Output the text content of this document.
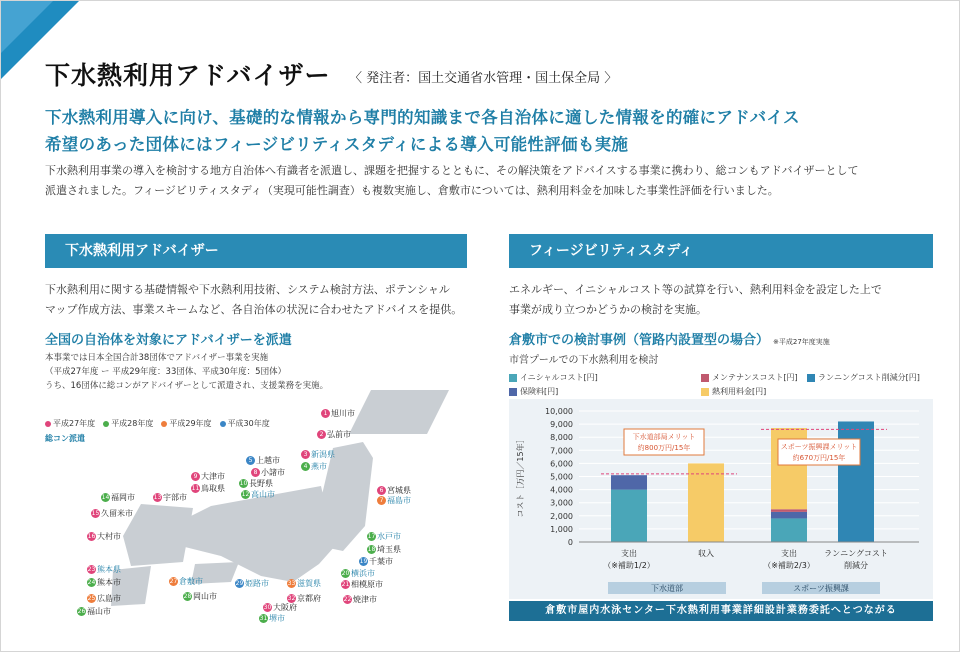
下水熱利用アドバイザー 〈 発注者：国土交通省水管理・国土保全局 〉
下水熱利用導入に向け、基礎的な情報から専門的知識まで各自治体に適した情報を的確にアドバイス
希望のあった団体にはフィージビリティスタディによる導入可能性評価も実施
下水熱利用事業の導入を検討する地方自治体へ有識者を派遣し、課題を把握するとともに、その解決策をアドバイスする事業に携わり、総コンもアドバイザーとして
派遣されました。フィージビリティスタディ（実現可能性調査）も複数実施し、倉敷市については、熱利用料金を加味した事業性評価を行いました。
下水熱利用アドバイザー
下水熱利用に関する基礎情報や下水熱利用技術、システム検討方法、ポテンシャル
マップ作成方法、事業スキームなど、各自治体の状況に合わせたアドバイスを提供。
全国の自治体を対象にアドバイザーを派遣
本事業では日本全国合計38団体でアドバイザー事業を実施
（平成27年度 ー 平成29年度：33団体、平成30年度：5団体）
うち、16団体に総コンがアドバイザーとして派遣され、支援業務を実施。
平成27年度 平成28年度 平成29年度 平成30年度
総コン派遣
1 旭川市
2 弘前市
3 新潟県
4 燕市
5 上越市
6 宮城県
7 福島市
8 小諸市
9 大津市
10 長野県
11 鳥取県
12 高山市
13 宇部市
14 福岡市
15 久留米市
16 大村市	17 水戸市
18 埼玉県
19 千葉市
20 横浜市
21 相模原市
22 焼津市
23 熊本県
24 熊本市
25 広島市
26 福山市
27 倉敷市
28 岡山市
29 姫路市
30 大阪府
31 堺市
32 京都府
33 滋賀県
フィージビリティスタディ
エネルギー、イニシャルコスト等の試算を行い、熱利用料金を設定した上で
事業が成り立つかどうかの検討を実施。
倉敷市での検討事例（管路内設置型の場合） ※平成27年度実施
市営プールでの下水熱利用を検討
イニシャルコスト[円]	メンテナンスコスト[円]	ランニングコスト削減分[円]
保険料[円]	熱利用料金[円]
0
1,000
2,000
3,000
4,000
5,000
6,000
7,000
8,000
9,000
10,000
コスト［万円／15年］	下水道部局メリット
約800万円/15年	スポーツ振興課メリット
約670万円/15年
支出
（※補助1/2）
収入	支出
（※補助2/3）
ランニングコスト
削減分
下水道部	スポーツ振興課
倉敷市屋内水泳センター下水熱利用事業詳細設計業務委託へとつながる
